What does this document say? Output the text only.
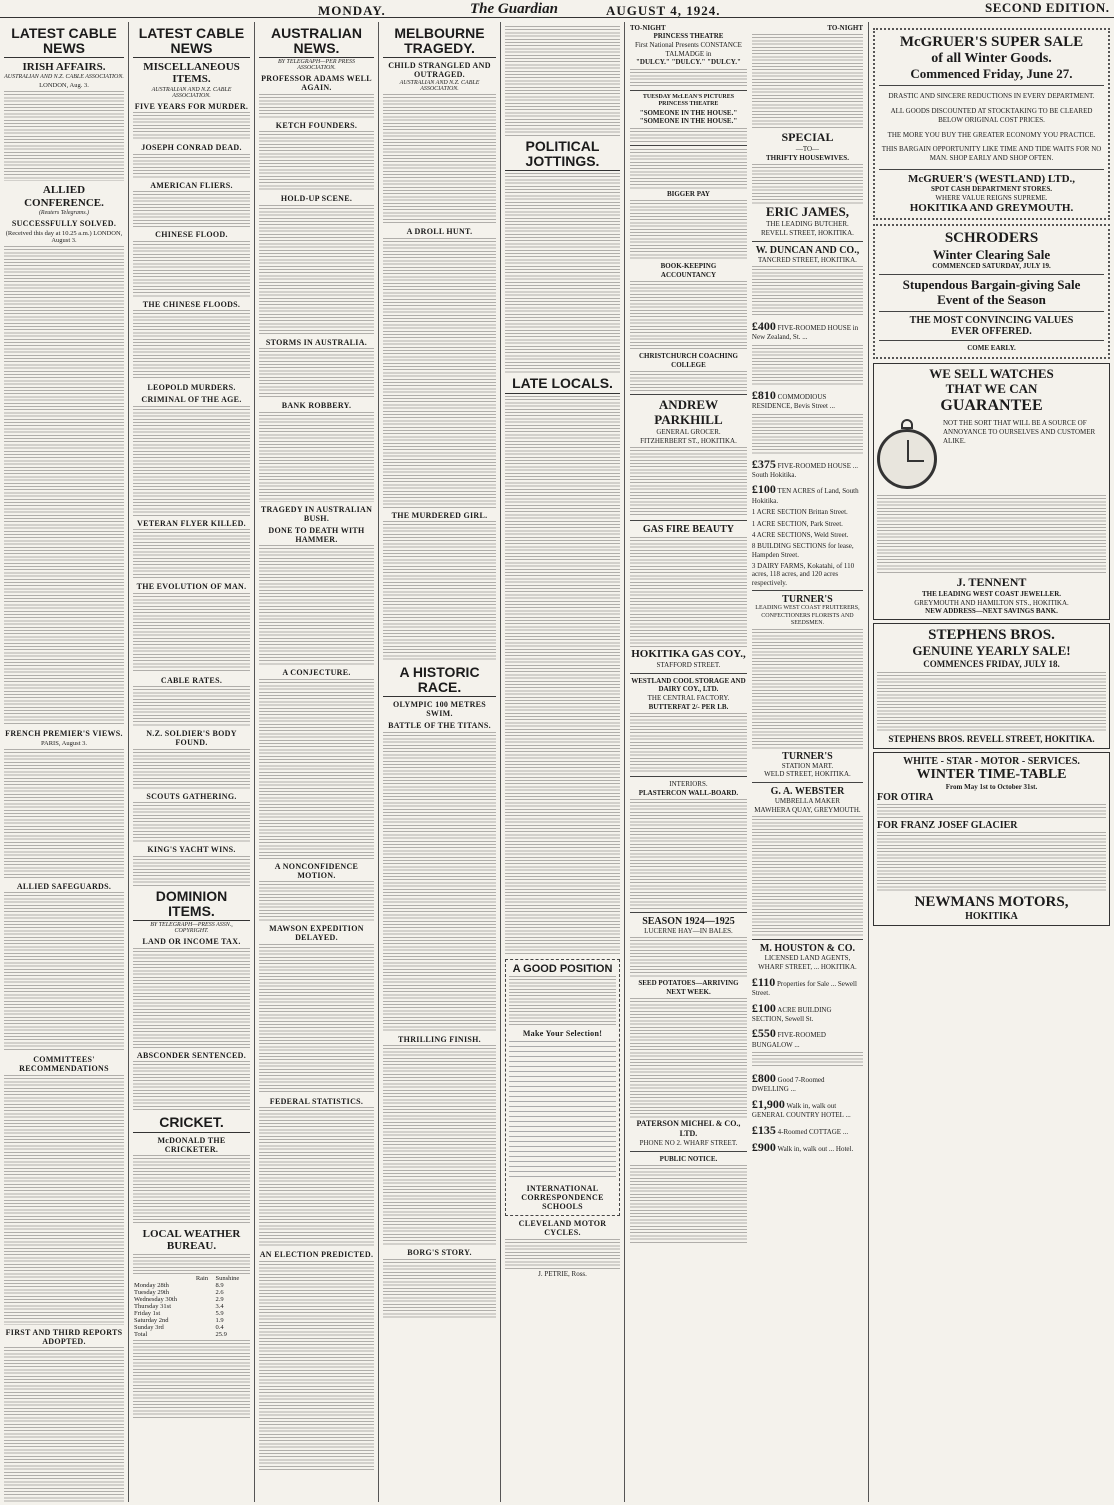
MONDAY.	The Guardian	AUGUST 4, 1924.	SECOND EDITION.
LATEST CABLE NEWS
IRISH AFFAIRS.
AUSTRALIAN AND N.Z. CABLE ASSOCIATION.
LONDON, Aug. 3.
ALLIED CONFERENCE.
(Reuters Telegrams.)
SUCCESSFULLY SOLVED.
(Received this day at 10.25 a.m.) LONDON, August 3.
FRENCH PREMIER'S VIEWS.
PARIS, August 3.
ALLIED SAFEGUARDS.
COMMITTEES' RECOMMENDATIONS
FIRST AND THIRD REPORTS ADOPTED.
LATEST CABLE NEWS
MISCELLANEOUS ITEMS.
AUSTRALIAN AND N.Z. CABLE ASSOCIATION.
FIVE YEARS FOR MURDER.
JOSEPH CONRAD DEAD.
AMERICAN FLIERS.
CHINESE FLOOD.
THE CHINESE FLOODS.
LEOPOLD MURDERS.
CRIMINAL OF THE AGE.
VETERAN FLYER KILLED.
THE EVOLUTION OF MAN.
CABLE RATES.
N.Z. SOLDIER'S BODY FOUND.
SCOUTS GATHERING.
KING'S YACHT WINS.
DOMINION ITEMS.
BY TELEGRAPH—PRESS ASSN., COPYRIGHT.
LAND OR INCOME TAX.
ABSCONDER SENTENCED.
CRICKET.
McDONALD THE CRICKETER.
LOCAL WEATHER BUREAU.
	Rain	Sunshine
Monday 28th		8.9
Tuesday 29th		2.6
Wednesday 30th		2.9
Thursday 31st		3.4
Friday 1st		5.9
Saturday 2nd		1.9
Sunday 3rd		0.4
Total		25.9
AUSTRALIAN NEWS.
BY TELEGRAPH—PER PRESS ASSOCIATION.
PROFESSOR ADAMS WELL AGAIN.
KETCH FOUNDERS.
HOLD-UP SCENE.
STORMS IN AUSTRALIA.
BANK ROBBERY.
TRAGEDY IN AUSTRALIAN BUSH.
DONE TO DEATH WITH HAMMER.
A CONJECTURE.
A NONCONFIDENCE MOTION.
MAWSON EXPEDITION DELAYED.
FEDERAL STATISTICS.
AN ELECTION PREDICTED.
MELBOURNE TRAGEDY.
CHILD STRANGLED AND OUTRAGED.
AUSTRALIAN AND N.Z. CABLE ASSOCIATION.
A DROLL HUNT.
THE MURDERED GIRL.
A HISTORIC RACE.
OLYMPIC 100 METRES SWIM.
BATTLE OF THE TITANS.
THRILLING FINISH.
BORG'S STORY.
POLITICAL JOTTINGS.
LATE LOCALS.
A GOOD POSITION
Make Your Selection!
INTERNATIONAL CORRESPONDENCE SCHOOLS
CLEVELAND MOTOR CYCLES.
J. PETRIE, Ross.
TO-NIGHT
PRINCESS THEATRE
First National Presents CONSTANCE TALMADGE in
"DULCY." "DULCY." "DULCY."
TUESDAY McLEAN'S PICTURES PRINCESS THEATRE
"SOMEONE IN THE HOUSE." "SOMEONE IN THE HOUSE."
BIGGER PAY
BOOK-KEEPING
ACCOUNTANCY
CHRISTCHURCH COACHING COLLEGE
ANDREW PARKHILL
GENERAL GROCER.
FITZHERBERT ST., HOKITIKA.
GAS FIRE BEAUTY
HOKITIKA GAS COY.,
STAFFORD STREET.
WESTLAND COOL STORAGE AND DAIRY COY., LTD.
THE CENTRAL FACTORY.
BUTTERFAT 2/- PER LB.
INTERIORS.
PLASTERCON WALL-BOARD.
SEASON 1924—1925
LUCERNE HAY—IN BALES.
SEED POTATOES—ARRIVING NEXT WEEK.
PATERSON MICHEL & CO., LTD.
PHONE NO 2. WHARF STREET.
PUBLIC NOTICE.
TO-NIGHT
SPECIAL
—TO—
THRIFTY HOUSEWIVES.
ERIC JAMES,
THE LEADING BUTCHER.
REVELL STREET, HOKITIKA.
W. DUNCAN AND CO.,
TANCRED STREET, HOKITIKA.
£400 FIVE-ROOMED HOUSE in New Zealand, St. ...
£810 COMMODIOUS RESIDENCE, Bevis Street ...
£375 FIVE-ROOMED HOUSE ... South Hokitika.
£100 TEN ACRES of Land, South Hokitika.
1 ACRE SECTION Brittan Street.
1 ACRE SECTION, Park Street.
4 ACRE SECTIONS, Weld Street.
8 BUILDING SECTIONS for lease, Hampden Street.
3 DAIRY FARMS, Kokatahi, of 110 acres, 118 acres, and 120 acres respectively.
TURNER'S
LEADING WEST COAST FRUITERERS, CONFECTIONERS FLORISTS AND SEEDSMEN.
TURNER'S
STATION MART.
WELD STREET, HOKITIKA.
G. A. WEBSTER
UMBRELLA MAKER
MAWHERA QUAY, GREYMOUTH.
M. HOUSTON & CO.
LICENSED LAND AGENTS,
WHARF STREET, ... HOKITIKA.
£110 Properties for Sale ... Sewell Street.
£100 ACRE BUILDING SECTION, Sewell St.
£550 FIVE-ROOMED BUNGALOW ...
£800 Good 7-Roomed DWELLING ...
£1,900 Walk in, walk out GENERAL COUNTRY HOTEL ...
£135 4-Roomed COTTAGE ...
£900 Walk in, walk out ... Hotel.
McGRUER'S SUPER SALE
of all Winter Goods.
Commenced Friday, June 27.
DRASTIC AND SINCERE REDUCTIONS IN EVERY DEPARTMENT.
ALL GOODS DISCOUNTED AT STOCKTAKING TO BE CLEARED BELOW ORIGINAL COST PRICES.
THE MORE YOU BUY THE GREATER ECONOMY YOU PRACTICE.
THIS BARGAIN OPPORTUNITY LIKE TIME AND TIDE WAITS FOR NO MAN. SHOP EARLY AND SHOP OFTEN.
McGRUER'S (WESTLAND) LTD.,
SPOT CASH DEPARTMENT STORES.
WHERE VALUE REIGNS SUPREME.
HOKITIKA AND GREYMOUTH.
SCHRODERS
Winter Clearing Sale
COMMENCED SATURDAY, JULY 19.
Stupendous Bargain-giving Sale
Event of the Season
THE MOST CONVINCING VALUES
EVER OFFERED.
COME EARLY.
WE SELL WATCHES
THAT WE CAN
GUARANTEE
NOT THE SORT THAT WILL BE A SOURCE OF ANNOYANCE TO OURSELVES AND CUSTOMER ALIKE.
J. TENNENT
THE LEADING WEST COAST JEWELLER.
GREYMOUTH AND HAMILTON STS., HOKITIKA.
NEW ADDRESS—NEXT SAVINGS BANK.
STEPHENS BROS.
GENUINE YEARLY SALE!
COMMENCES FRIDAY, JULY 18.
STEPHENS BROS. REVELL STREET, HOKITIKA.
WHITE - STAR - MOTOR - SERVICES.
WINTER TIME-TABLE
From May 1st to October 31st.
FOR OTIRA
FOR FRANZ JOSEF GLACIER
NEWMANS MOTORS,
HOKITIKA
